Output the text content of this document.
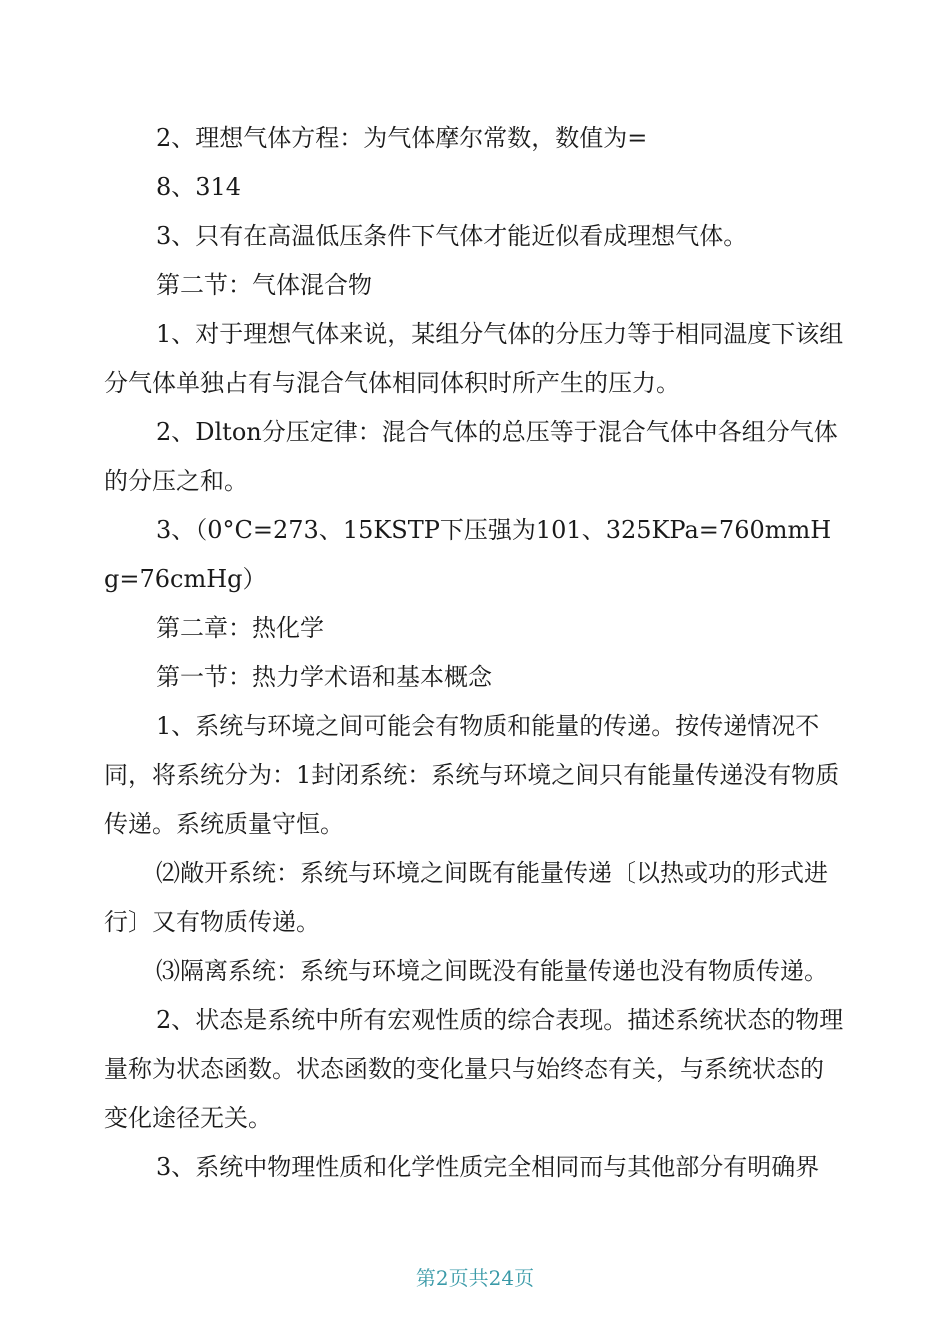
2、理想气体方程：为气体摩尔常数，数值为=

8、314

3、只有在高温低压条件下气体才能近似看成理想气体。

第二节：气体混合物

1、对于理想气体来说，某组分气体的分压力等于相同温度下该组分气体单独占有与混合气体相同体积时所产生的压力。

2、Dlton分压定律：混合气体的总压等于混合气体中各组分气体的分压之和。

3、（0°C=273、15KSTP下压强为101、325KPa=760mmHg=76cmHg）

第二章：热化学

第一节：热力学术语和基本概念

1、系统与环境之间可能会有物质和能量的传递。按传递情况不同，将系统分为：1封闭系统：系统与环境之间只有能量传递没有物质传递。系统质量守恒。

⑵敞开系统：系统与环境之间既有能量传递〔以热或功的形式进行〕又有物质传递。

⑶隔离系统：系统与环境之间既没有能量传递也没有物质传递。

2、状态是系统中所有宏观性质的综合表现。描述系统状态的物理量称为状态函数。状态函数的变化量只与始终态有关，与系统状态的变化途径无关。

3、系统中物理性质和化学性质完全相同而与其他部分有明确界

第2页共24页
